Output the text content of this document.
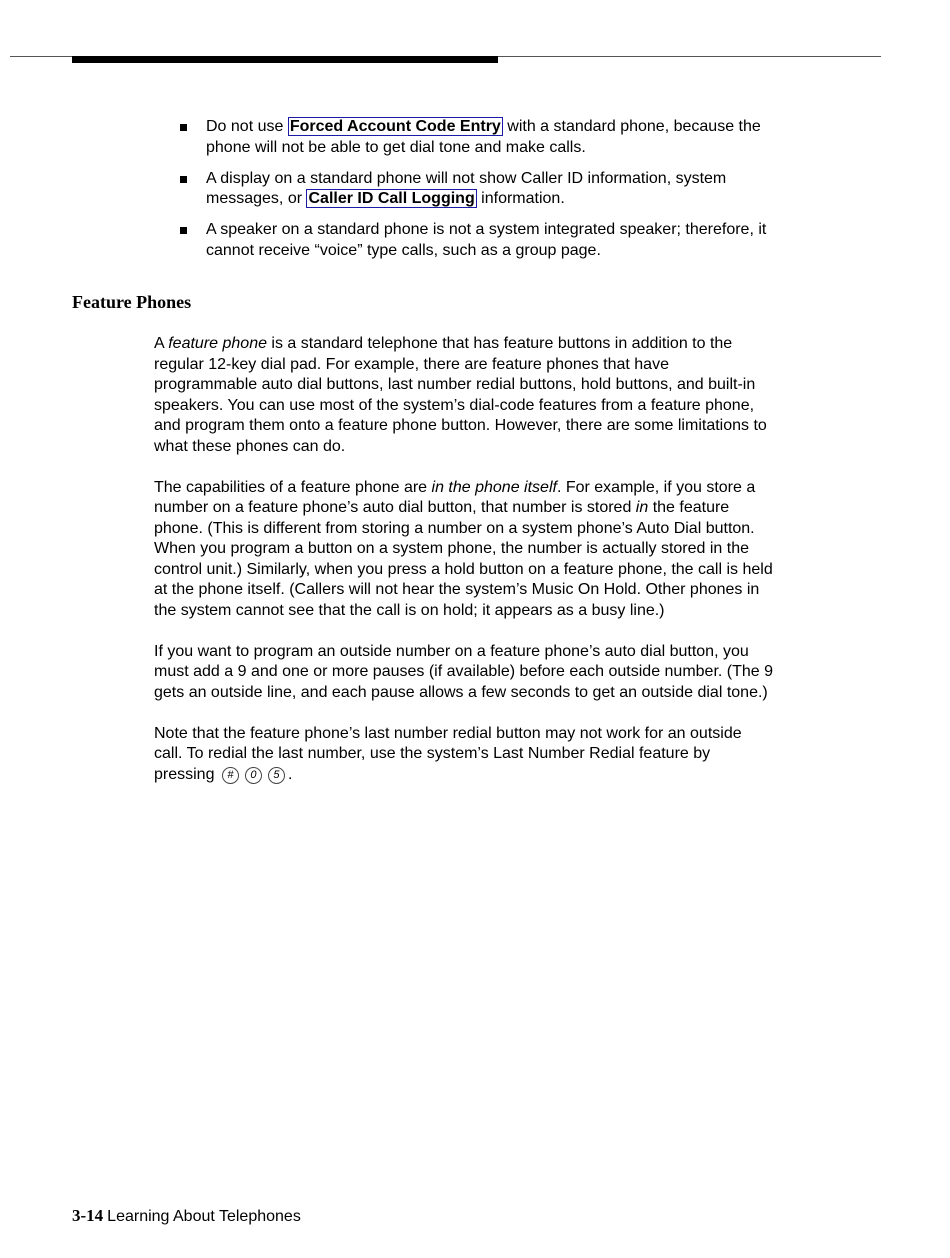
Do not use Forced Account Code Entry with a standard phone, because the phone will not be able to get dial tone and make calls.
A display on a standard phone will not show Caller ID information, system messages, or Caller ID Call Logging information.
A speaker on a standard phone is not a system integrated speaker; therefore, it cannot receive “voice” type calls, such as a group page.
Feature Phones

A feature phone is a standard telephone that has feature buttons in addition to the regular 12-key dial pad. For example, there are feature phones that have programmable auto dial buttons, last number redial buttons, hold buttons, and built-in speakers. You can use most of the system’s dial-code features from a feature phone, and program them onto a feature phone button. However, there are some limitations to what these phones can do.

The capabilities of a feature phone are in the phone itself. For example, if you store a number on a feature phone’s auto dial button, that number is stored in the feature phone. (This is different from storing a number on a system phone’s Auto Dial button. When you program a button on a system phone, the number is actually stored in the control unit.) Similarly, when you press a hold button on a feature phone, the call is held at the phone itself. (Callers will not hear the system’s Music On Hold. Other phones in the system cannot see that the call is on hold; it appears as a busy line.)

If you want to program an outside number on a feature phone’s auto dial button, you must add a 9 and one or more pauses (if available) before each outside number. (The 9 gets an outside line, and each pause allows a few seconds to get an outside dial tone.)

Note that the feature phone’s last number redial button may not work for an outside call. To redial the last number, use the system’s Last Number Redial feature by pressing # 0 5 .

3-14 Learning About Telephones
